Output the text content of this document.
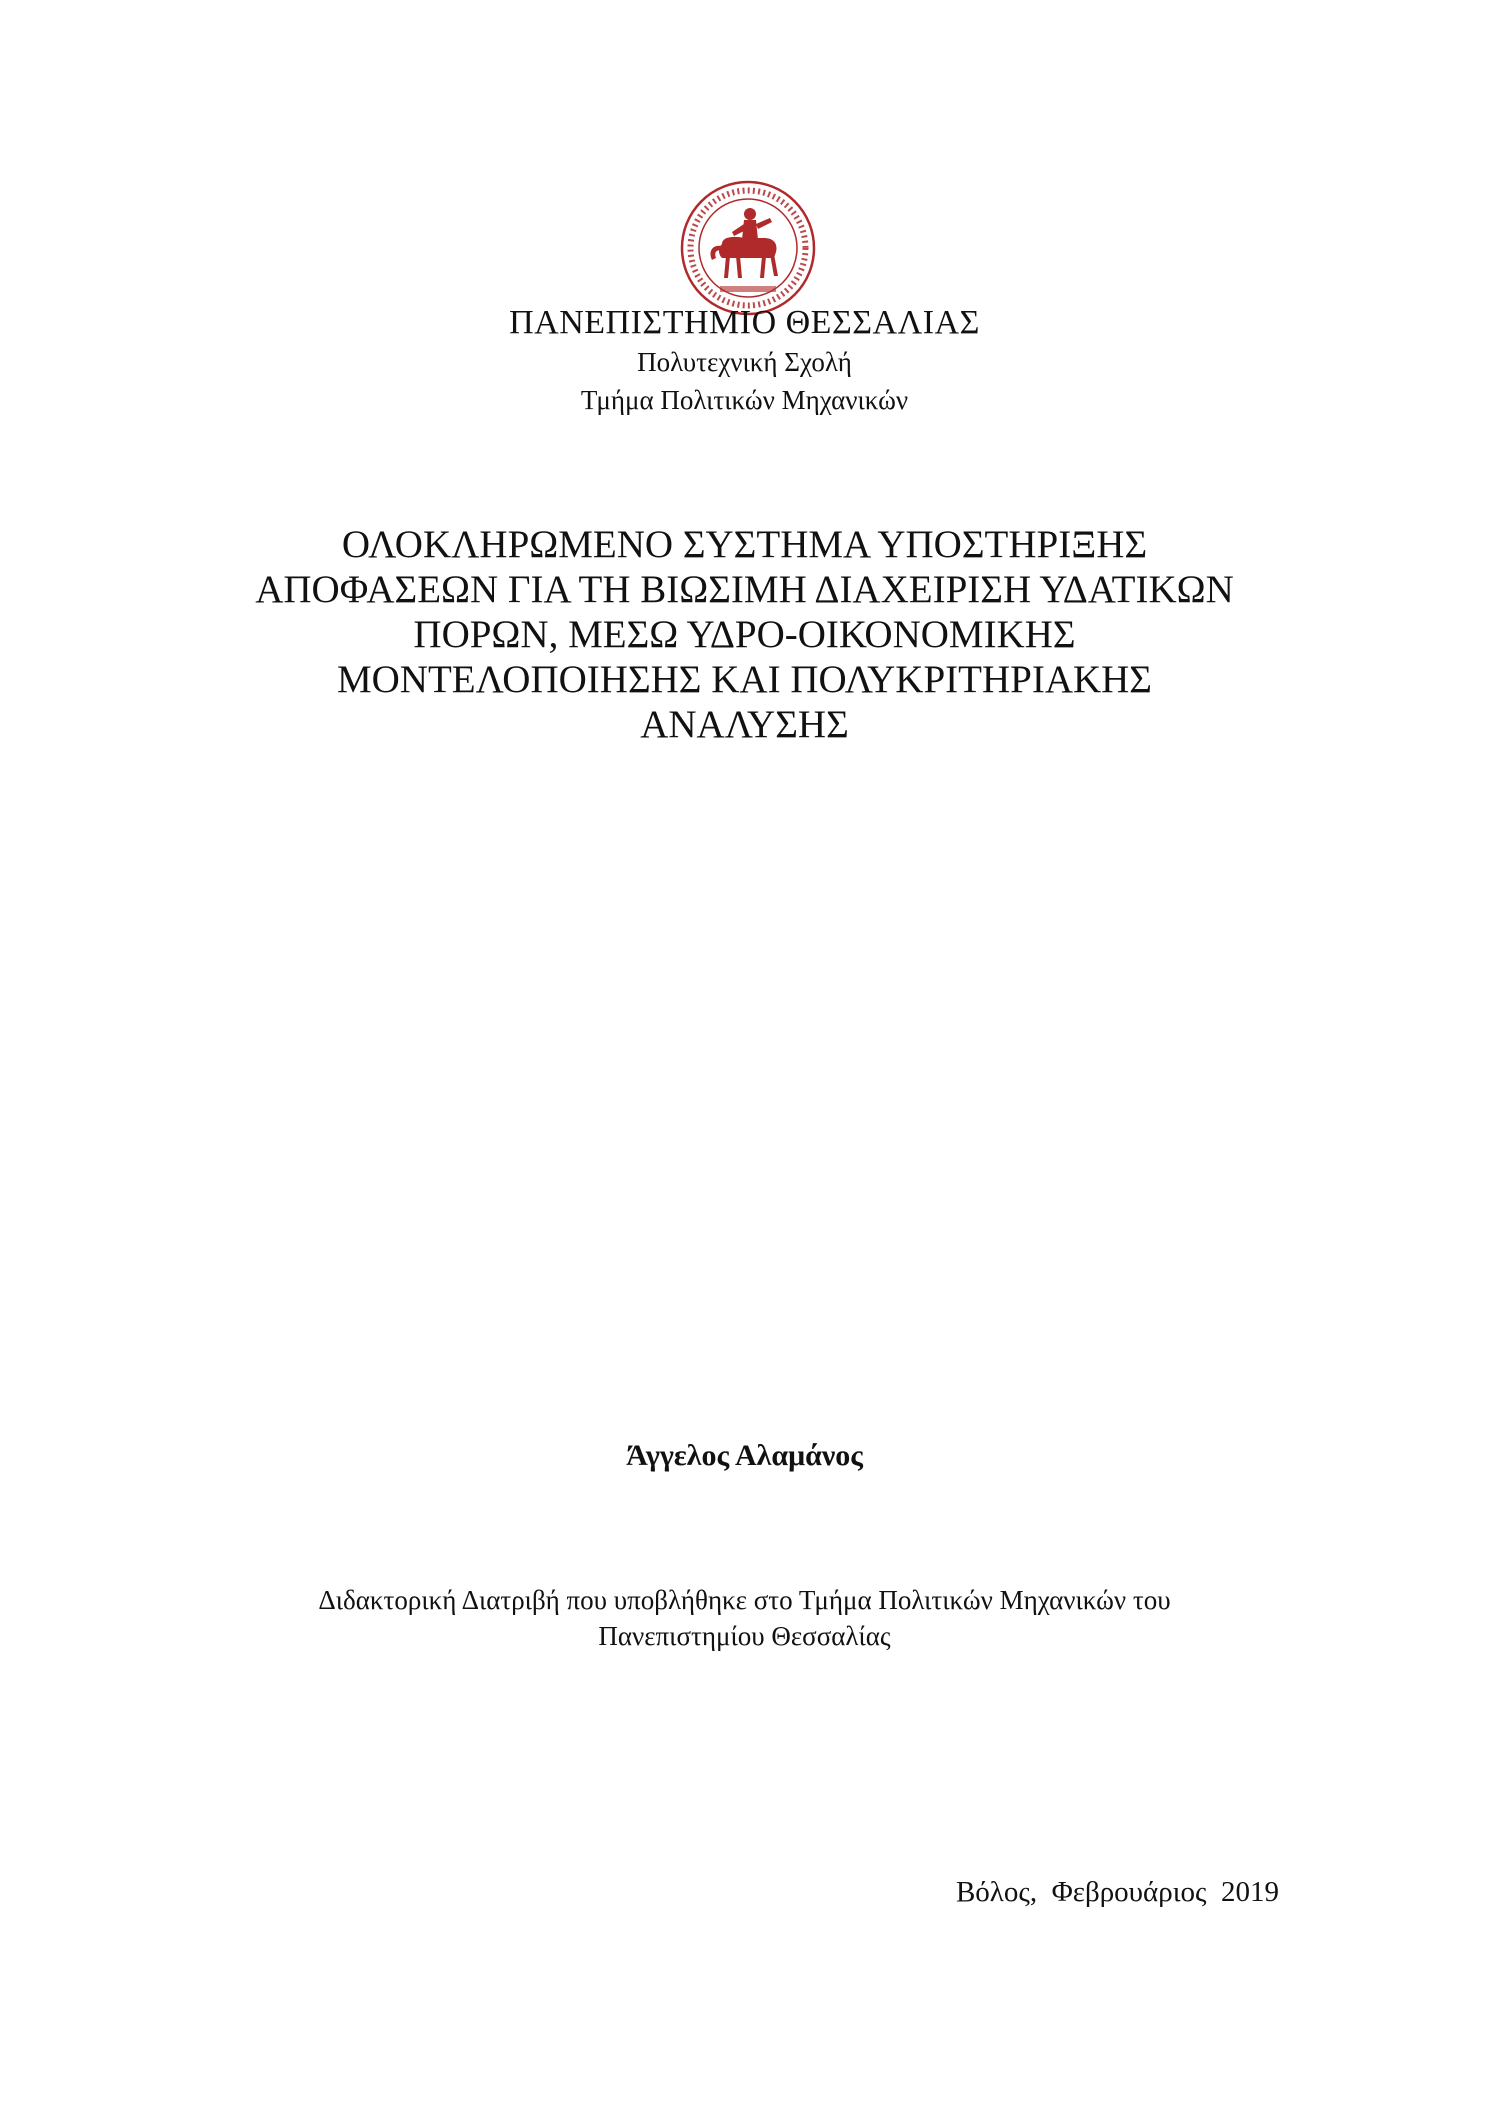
ΠΑΝΕΠΙΣΤΗΜΙΟ ΘΕΣΣΑΛΙΑΣ
Πολυτεχνική Σχολή
Τμήμα Πολιτικών Μηχανικών
ΟΛΟΚΛΗΡΩΜΕΝΟ ΣΥΣΤΗΜΑ ΥΠΟΣΤΗΡΙΞΗΣ
ΑΠΟΦΑΣΕΩΝ ΓΙΑ ΤΗ ΒΙΩΣΙΜΗ ΔΙΑΧΕΙΡΙΣΗ ΥΔΑΤΙΚΩΝ
ΠΟΡΩΝ, ΜΕΣΩ ΥΔΡΟ-ΟΙΚΟΝΟΜΙΚΗΣ
ΜΟΝΤΕΛΟΠΟΙΗΣΗΣ ΚΑΙ ΠΟΛΥΚΡΙΤΗΡΙΑΚΗΣ
ΑΝΑΛΥΣΗΣ
Άγγελος Αλαμάνος
Διδακτορική Διατριβή που υποβλήθηκε στο Τμήμα Πολιτικών Μηχανικών του
Πανεπιστημίου Θεσσαλίας
Βόλος,  Φεβρουάριος  2019
